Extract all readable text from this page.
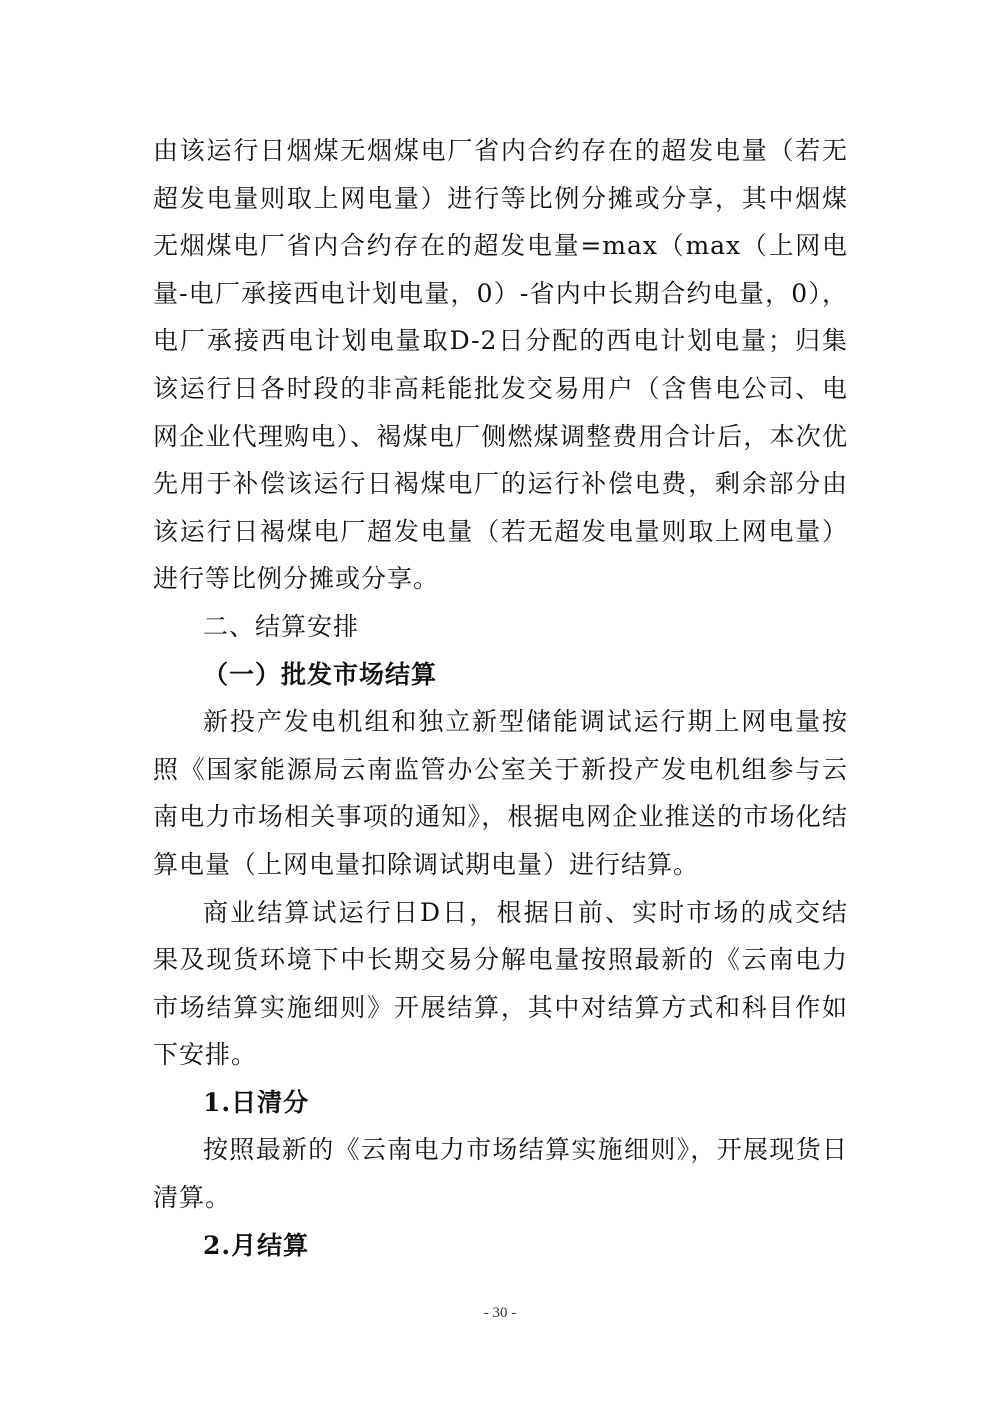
由该运行日烟煤无烟煤电厂省内合约存在的超发电量（若无超发电量则取上网电量）进行等比例分摊或分享，其中烟煤无烟煤电厂省内合约存在的超发电量=max（max（上网电量-电厂承接西电计划电量，0）-省内中长期合约电量，0），电厂承接西电计划电量取D-2日分配的西电计划电量；归集该运行日各时段的非高耗能批发交易用户（含售电公司、电网企业代理购电）、褐煤电厂侧燃煤调整费用合计后，本次优先用于补偿该运行日褐煤电厂的运行补偿电费，剩余部分由该运行日褐煤电厂超发电量（若无超发电量则取上网电量）进行等比例分摊或分享。

二、结算安排

（一）批发市场结算

新投产发电机组和独立新型储能调试运行期上网电量按照《国家能源局云南监管办公室关于新投产发电机组参与云南电力市场相关事项的通知》，根据电网企业推送的市场化结算电量（上网电量扣除调试期电量）进行结算。

商业结算试运行日D日，根据日前、实时市场的成交结果及现货环境下中长期交易分解电量按照最新的《云南电力市场结算实施细则》开展结算，其中对结算方式和科目作如下安排。

1.日清分

按照最新的《云南电力市场结算实施细则》，开展现货日清算。

2.月结算

- 30 -
